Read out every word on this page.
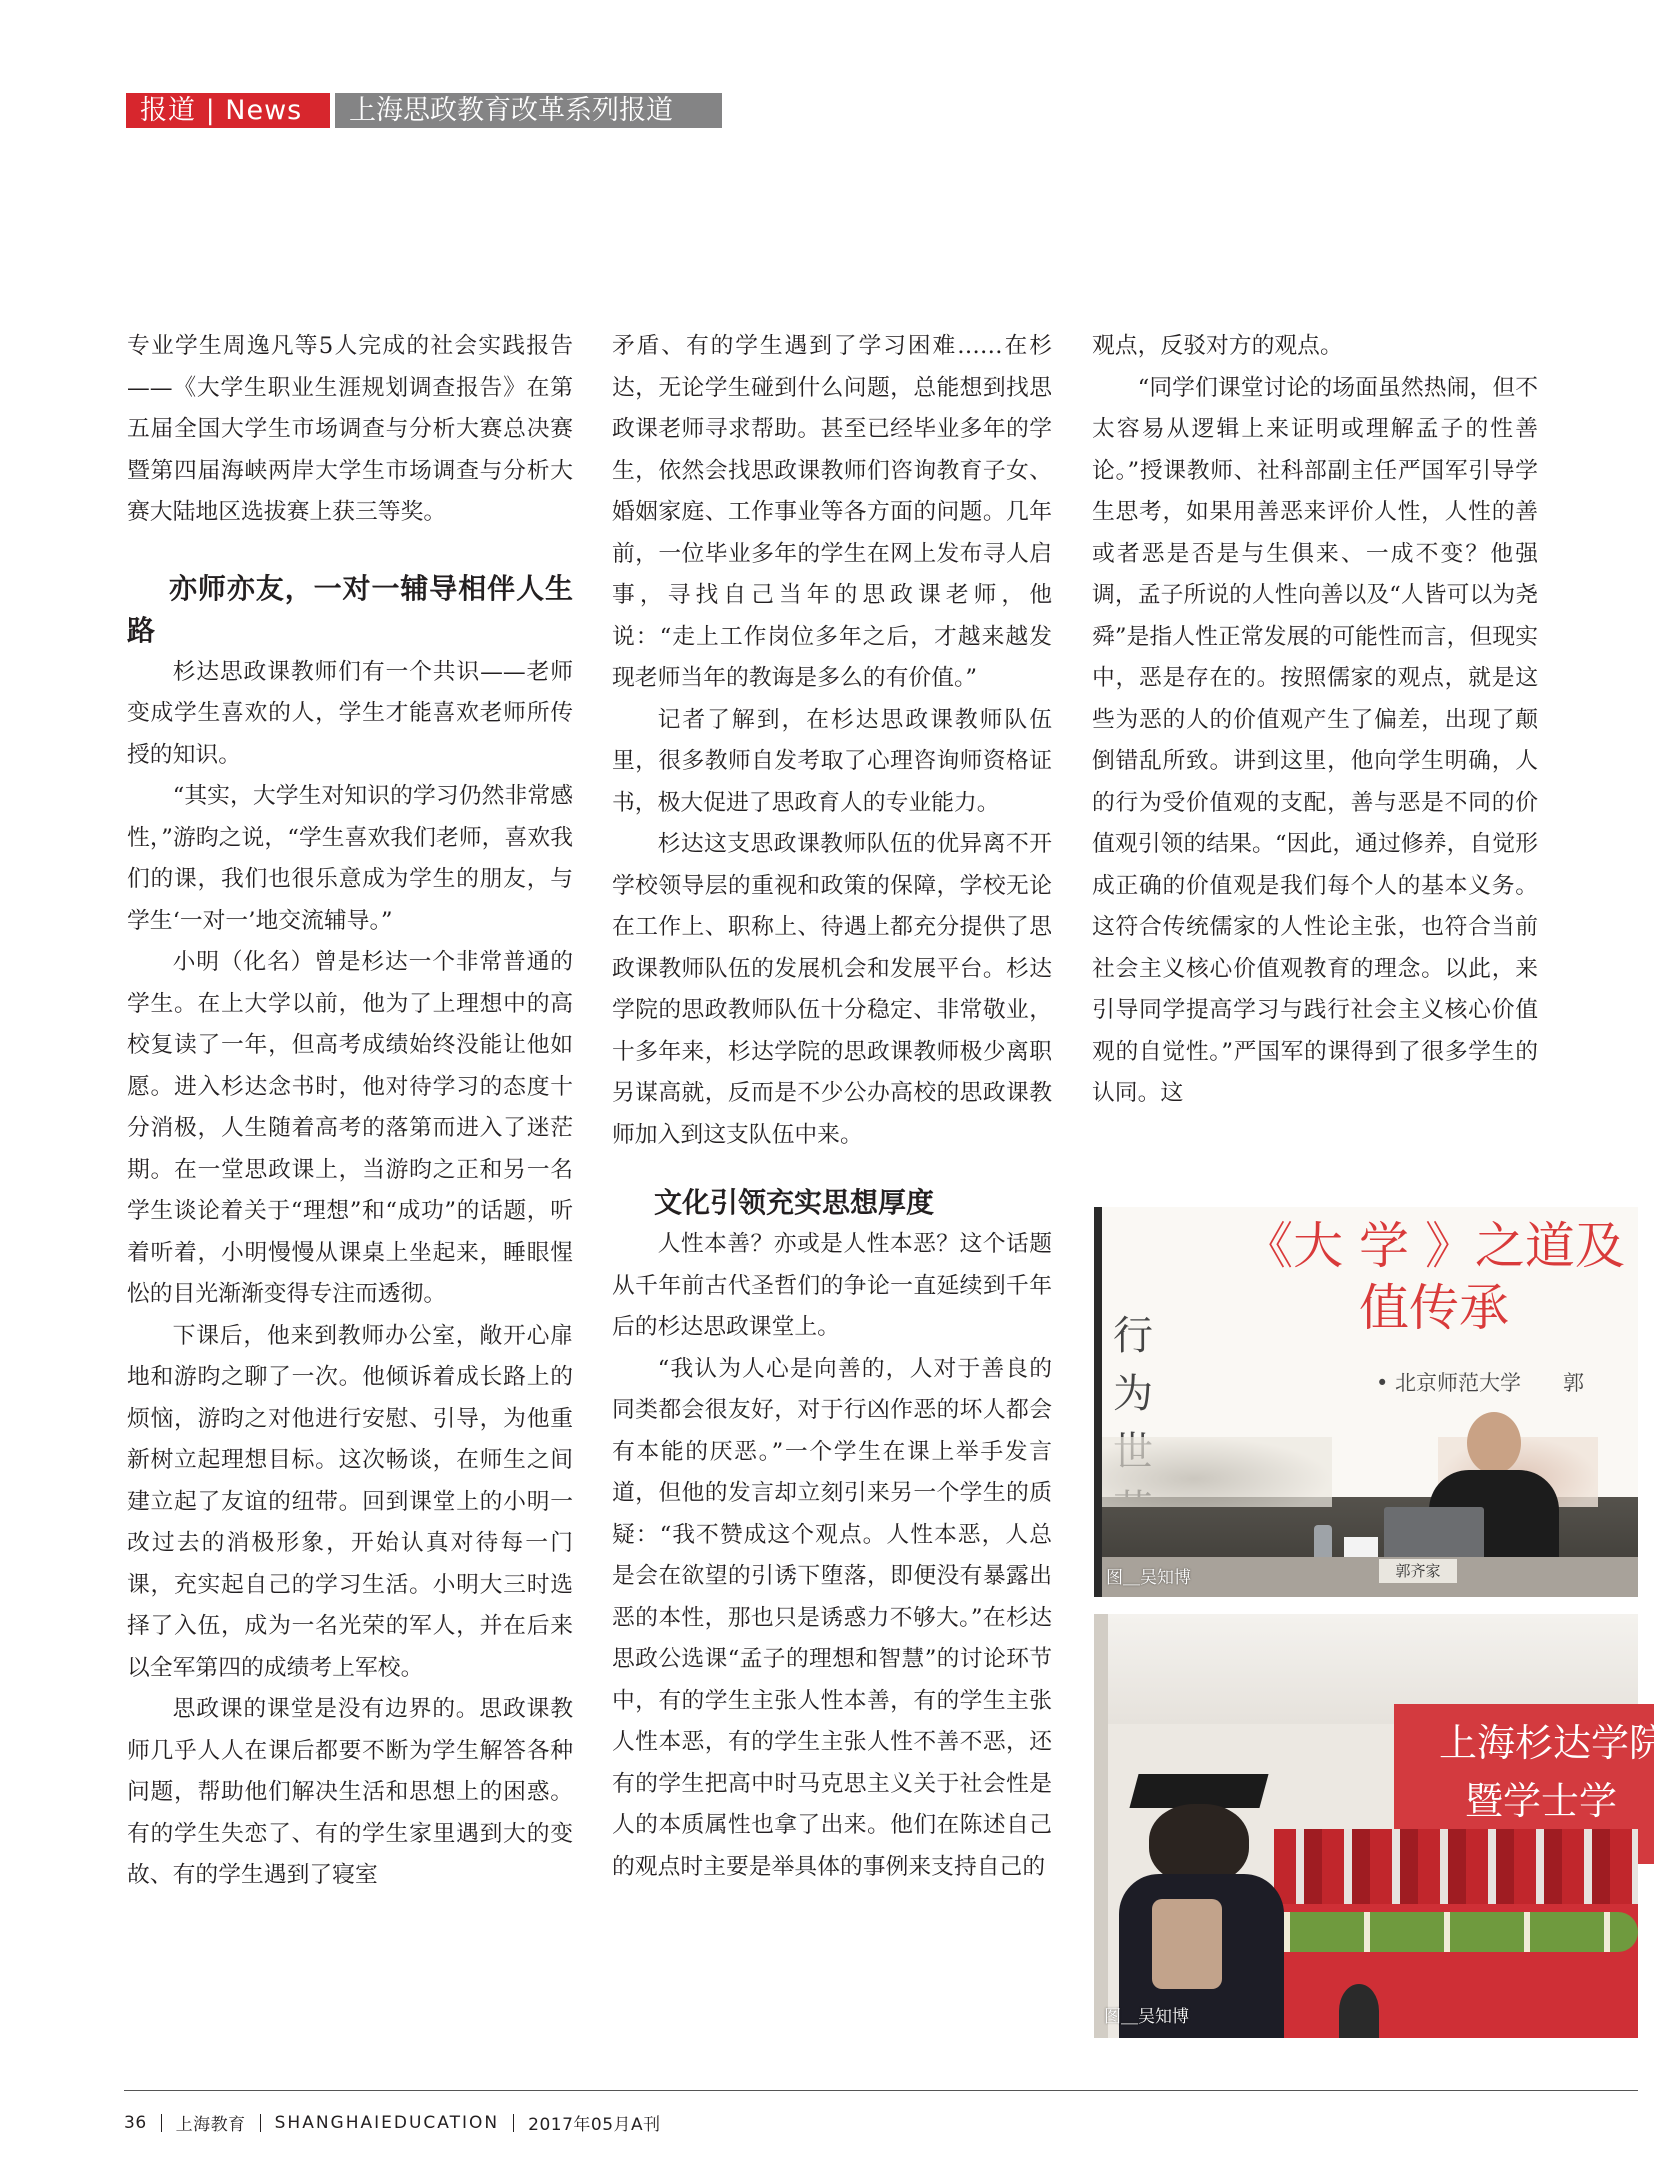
报道 | News	上海思政教育改革系列报道

专业学生周逸凡等5人完成的社会实践报告——《大学生职业生涯规划调查报告》在第五届全国大学生市场调查与分析大赛总决赛暨第四届海峡两岸大学生市场调查与分析大赛大陆地区选拔赛上获三等奖。

亦师亦友，一对一辅导相伴人生路

杉达思政课教师们有一个共识——老师变成学生喜欢的人，学生才能喜欢老师所传授的知识。

“其实，大学生对知识的学习仍然非常感性，”游昀之说，“学生喜欢我们老师，喜欢我们的课，我们也很乐意成为学生的朋友，与学生‘一对一’地交流辅导。”

小明（化名）曾是杉达一个非常普通的学生。在上大学以前，他为了上理想中的高校复读了一年，但高考成绩始终没能让他如愿。进入杉达念书时，他对待学习的态度十分消极，人生随着高考的落第而进入了迷茫期。在一堂思政课上，当游昀之正和另一名学生谈论着关于“理想”和“成功”的话题，听着听着，小明慢慢从课桌上坐起来，睡眼惺忪的目光渐渐变得专注而透彻。

下课后，他来到教师办公室，敞开心扉地和游昀之聊了一次。他倾诉着成长路上的烦恼，游昀之对他进行安慰、引导，为他重新树立起理想目标。这次畅谈，在师生之间建立起了友谊的纽带。回到课堂上的小明一改过去的消极形象，开始认真对待每一门课，充实起自己的学习生活。小明大三时选择了入伍，成为一名光荣的军人，并在后来以全军第四的成绩考上军校。

思政课的课堂是没有边界的。思政课教师几乎人人在课后都要不断为学生解答各种问题，帮助他们解决生活和思想上的困惑。有的学生失恋了、有的学生家里遇到大的变故、有的学生遇到了寝室

矛盾、有的学生遇到了学习困难……在杉达，无论学生碰到什么问题，总能想到找思政课老师寻求帮助。甚至已经毕业多年的学生，依然会找思政课教师们咨询教育子女、婚姻家庭、工作事业等各方面的问题。几年前，一位毕业多年的学生在网上发布寻人启事，寻找自己当年的思政课老师，他说：“走上工作岗位多年之后，才越来越发现老师当年的教诲是多么的有价值。”

记者了解到，在杉达思政课教师队伍里，很多教师自发考取了心理咨询师资格证书，极大促进了思政育人的专业能力。

杉达这支思政课教师队伍的优异离不开学校领导层的重视和政策的保障，学校无论在工作上、职称上、待遇上都充分提供了思政课教师队伍的发展机会和发展平台。杉达学院的思政教师队伍十分稳定、非常敬业，十多年来，杉达学院的思政课教师极少离职另谋高就，反而是不少公办高校的思政课教师加入到这支队伍中来。

文化引领充实思想厚度

人性本善？亦或是人性本恶？这个话题从千年前古代圣哲们的争论一直延续到千年后的杉达思政课堂上。

“我认为人心是向善的，人对于善良的同类都会很友好，对于行凶作恶的坏人都会有本能的厌恶。”一个学生在课上举手发言道，但他的发言却立刻引来另一个学生的质疑：“我不赞成这个观点。人性本恶，人总是会在欲望的引诱下堕落，即便没有暴露出恶的本性，那也只是诱惑力不够大。”在杉达思政公选课“孟子的理想和智慧”的讨论环节中，有的学生主张人性本善，有的学生主张人性本恶，有的学生主张人性不善不恶，还有的学生把高中时马克思主义关于社会性是人的本质属性也拿了出来。他们在陈述自己的观点时主要是举具体的事例来支持自己的

观点，反驳对方的观点。

“同学们课堂讨论的场面虽然热闹，但不太容易从逻辑上来证明或理解孟子的性善论。”授课教师、社科部副主任严国军引导学生思考，如果用善恶来评价人性，人性的善或者恶是否是与生俱来、一成不变？他强调，孟子所说的人性向善以及“人皆可以为尧舜”是指人性正常发展的可能性而言，但现实中，恶是存在的。按照儒家的观点，就是这些为恶的人的价值观产生了偏差，出现了颠倒错乱所致。讲到这里，他向学生明确，人的行为受价值观的支配，善与恶是不同的价值观引领的结果。“因此，通过修养，自觉形成正确的价值观是我们每个人的基本义务。这符合传统儒家的人性论主张，也符合当前社会主义核心价值观教育的理念。以此，来引导同学提高学习与践行社会主义核心价值观的自觉性。”严国军的课得到了很多学生的认同。这

《大 学 》之道及
值传承
• 北京师范大学　　郭
行为
郭齐家
图＿吴知博
上海杉达学院
暨学士学
图＿吴知博
36 上海教育 SHANGHAIEDUCATION 2017年05月A刊
